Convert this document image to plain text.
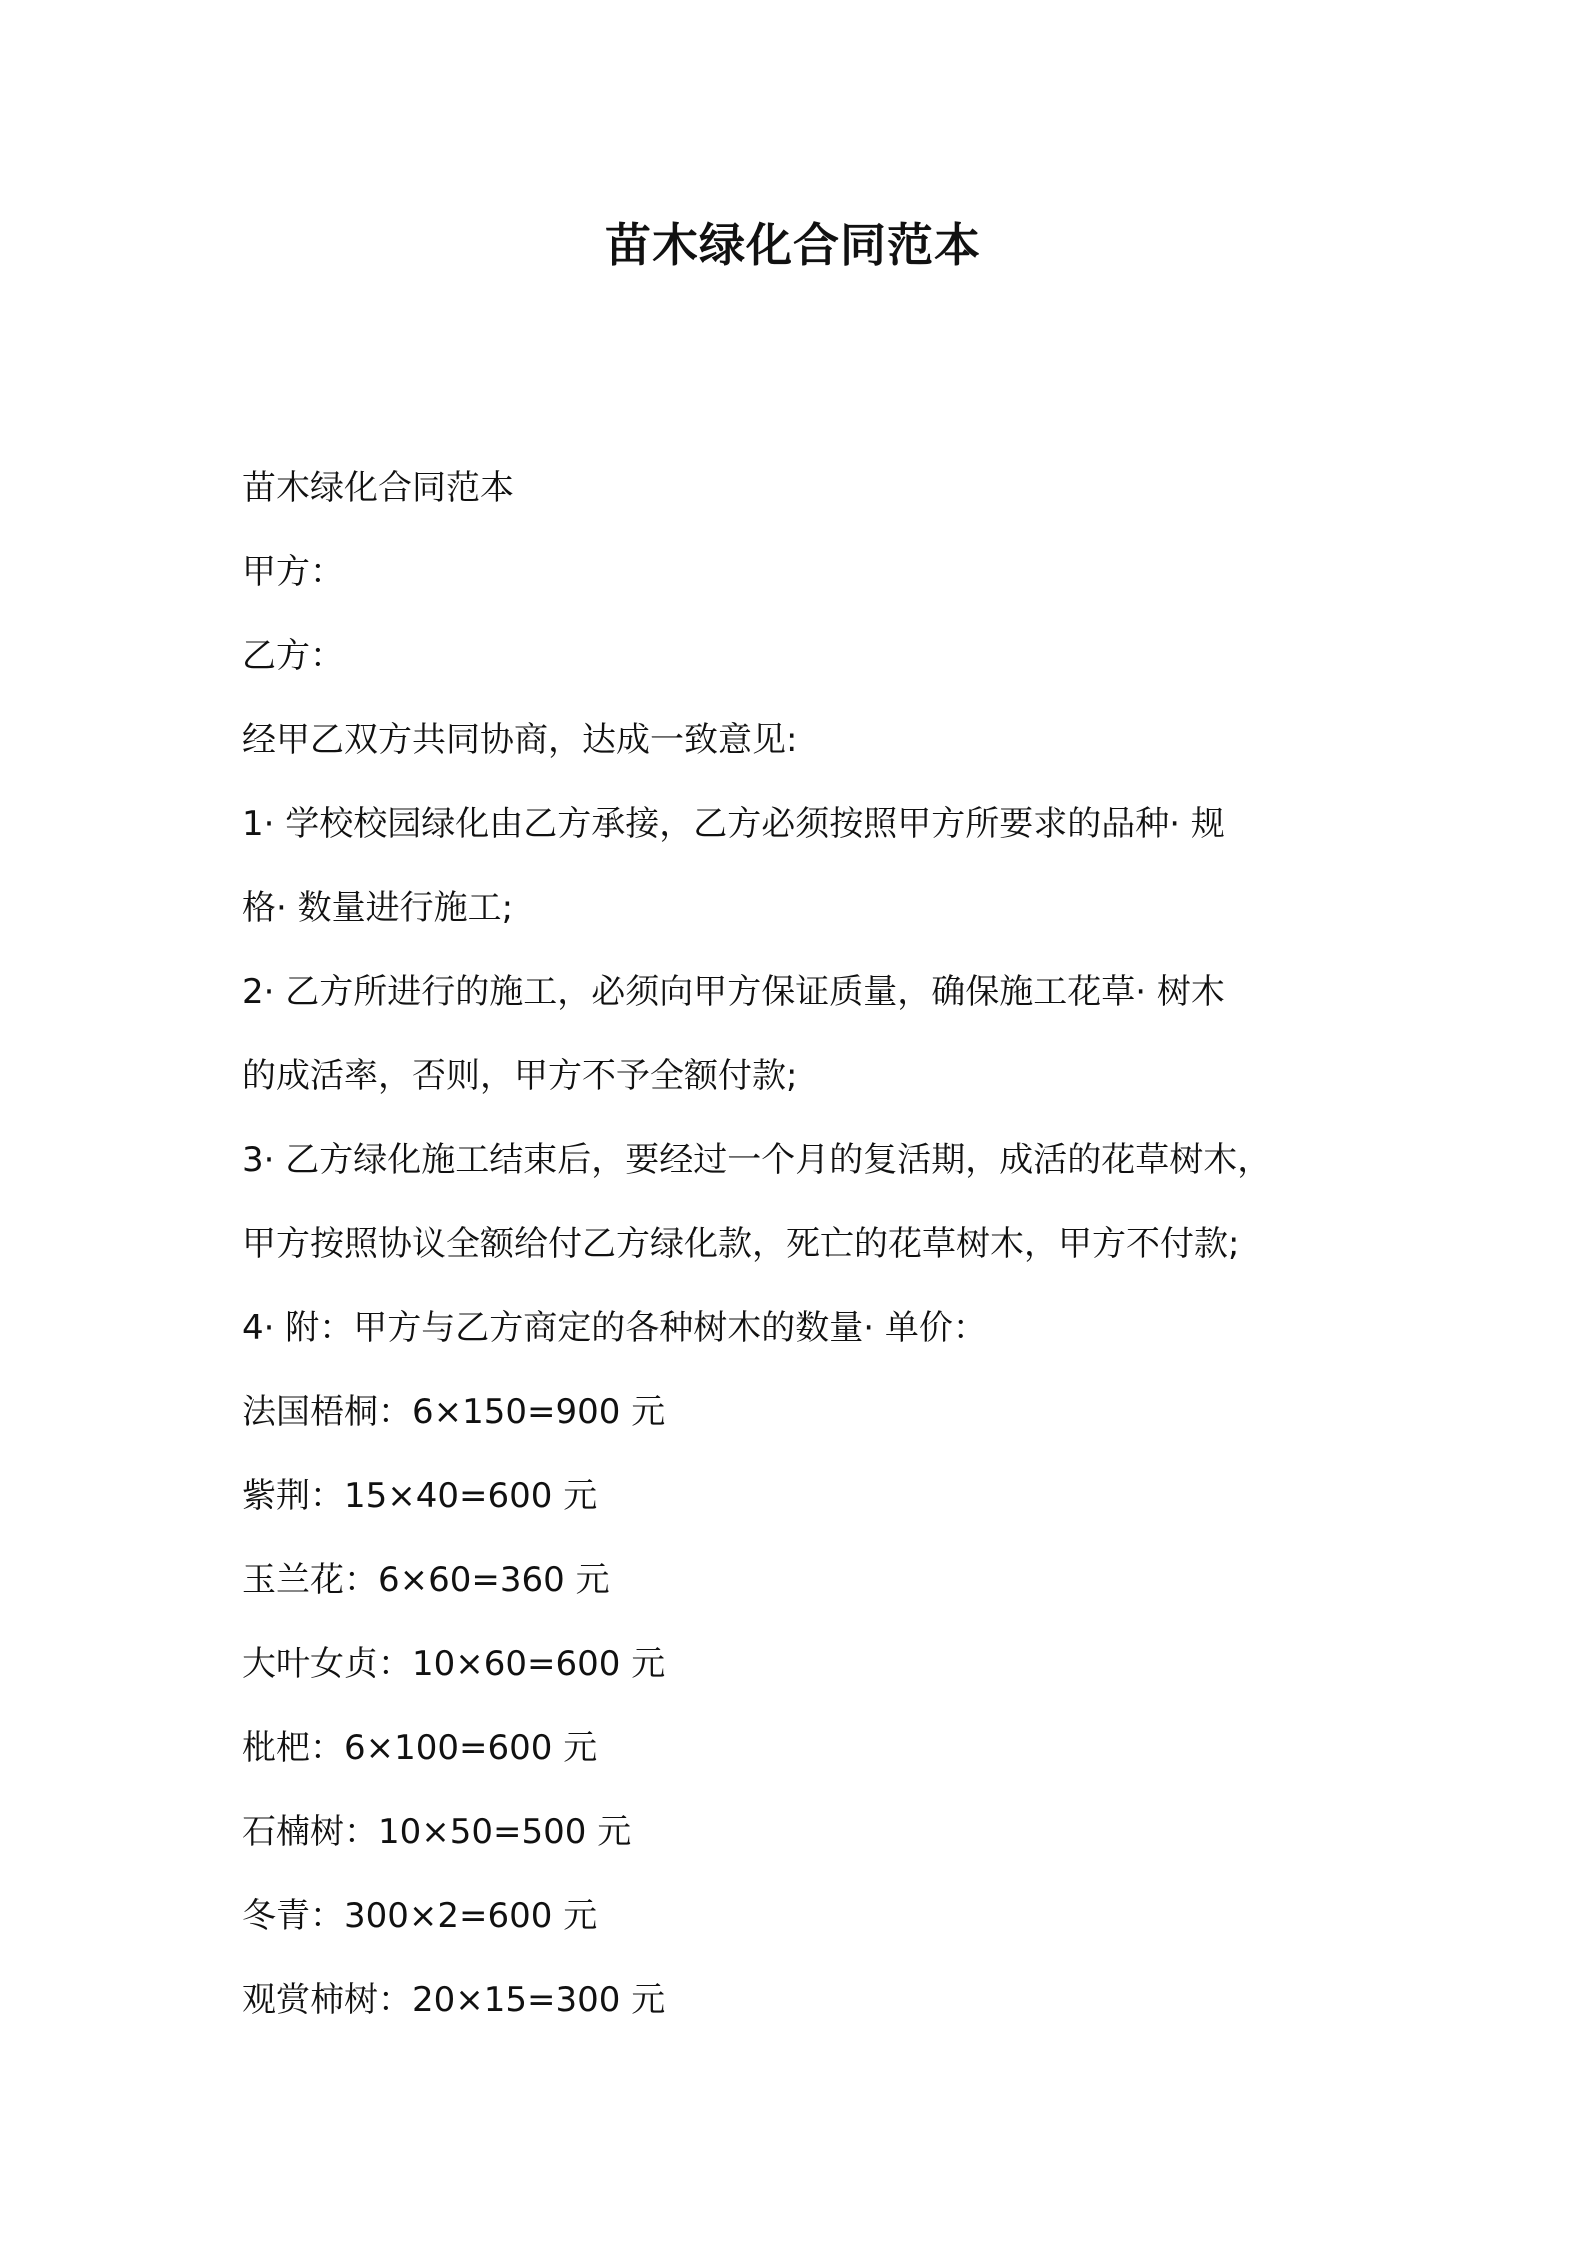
苗木绿化合同范本
苗木绿化合同范本
甲方：
乙方：
经甲乙双方共同协商，达成一致意见:
1· 学校校园绿化由乙方承接，乙方必须按照甲方所要求的品种· 规
格· 数量进行施工;
2· 乙方所进行的施工，必须向甲方保证质量，确保施工花草· 树木
的成活率，否则，甲方不予全额付款;
3· 乙方绿化施工结束后，要经过一个月的复活期，成活的花草树木，
甲方按照协议全额给付乙方绿化款，死亡的花草树木，甲方不付款;
4· 附：甲方与乙方商定的各种树木的数量· 单价：
法国梧桐：6×150=900 元
紫荆：15×40=600 元
玉兰花：6×60=360 元
大叶女贞：10×60=600 元
枇杷：6×100=600 元
石楠树：10×50=500 元
冬青：300×2=600 元
观赏柿树：20×15=300 元
